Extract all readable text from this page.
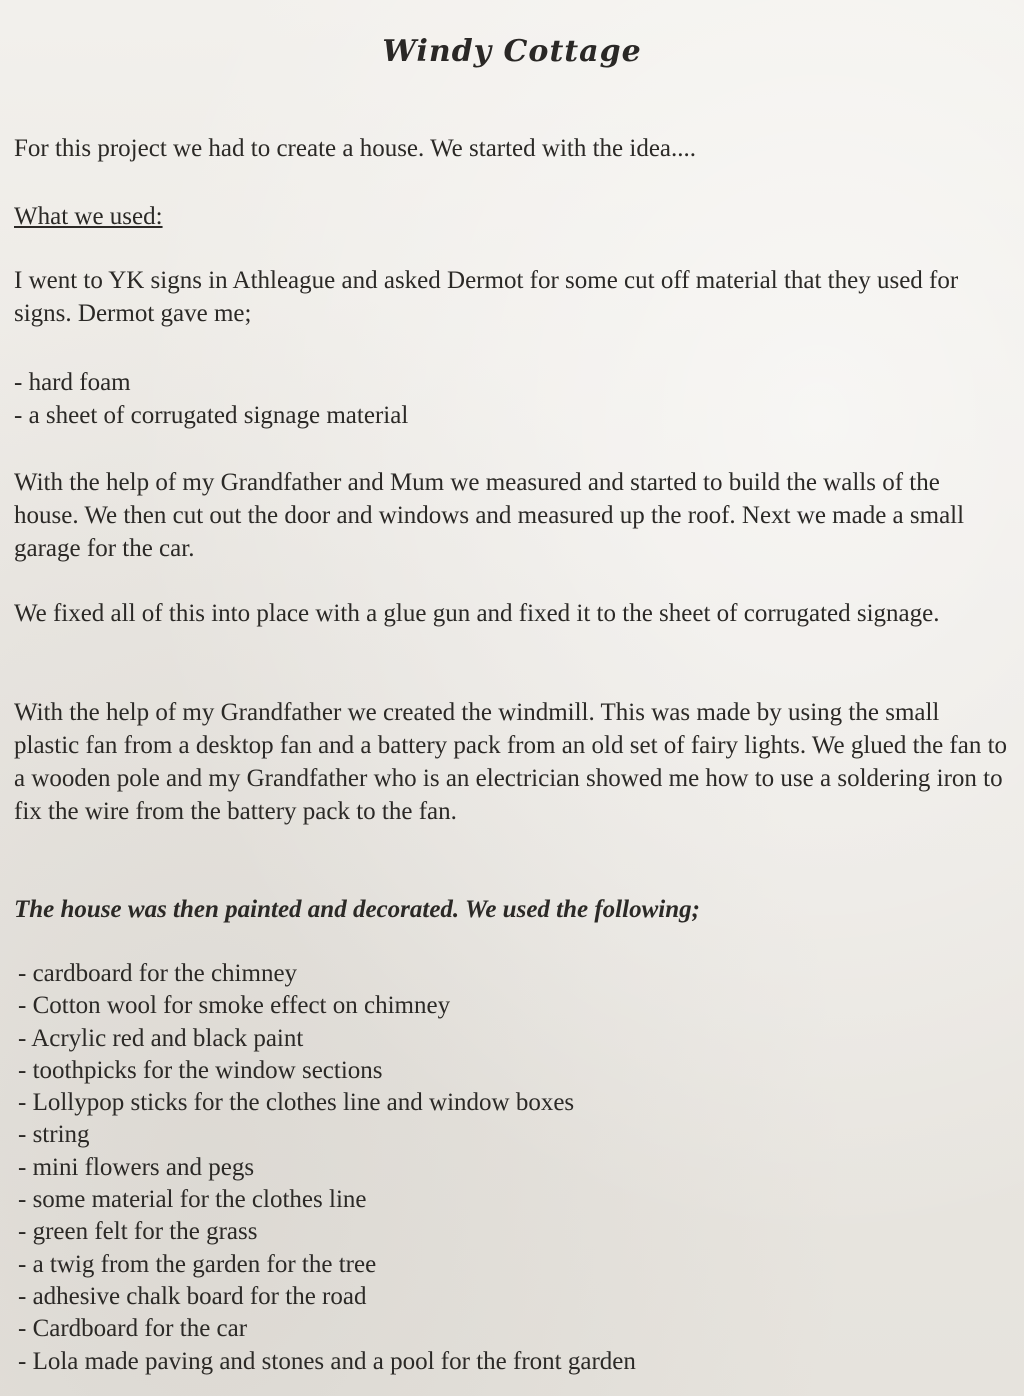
Windy Cottage

For this project we had to create a house. We started with the idea....

What we used:

I went to YK signs in Athleague and asked Dermot for some cut off material that they used for signs. Dermot gave me;

- hard foam
- a sheet of corrugated signage material

With the help of my Grandfather and Mum we measured and started to build the walls of the house. We then cut out the door and windows and measured up the roof. Next we made a small garage for the car.

We fixed all of this into place with a glue gun and fixed it to the sheet of corrugated signage.

With the help of my Grandfather we created the windmill. This was made by using the small plastic fan from a desktop fan and a battery pack from an old set of fairy lights. We glued the fan to a wooden pole and my Grandfather who is an electrician showed me how to use a soldering iron to fix the wire from the battery pack to the fan.

The house was then painted and decorated. We used the following;

- cardboard for the chimney
- Cotton wool for smoke effect on chimney
- Acrylic red and black paint
- toothpicks for the window sections
- Lollypop sticks for the clothes line and window boxes
- string
- mini flowers and pegs
- some material for the clothes line
- green felt for the grass
- a twig from the garden for the tree
- adhesive chalk board for the road
- Cardboard for the car
- Lola made paving and stones and a pool for the front garden
